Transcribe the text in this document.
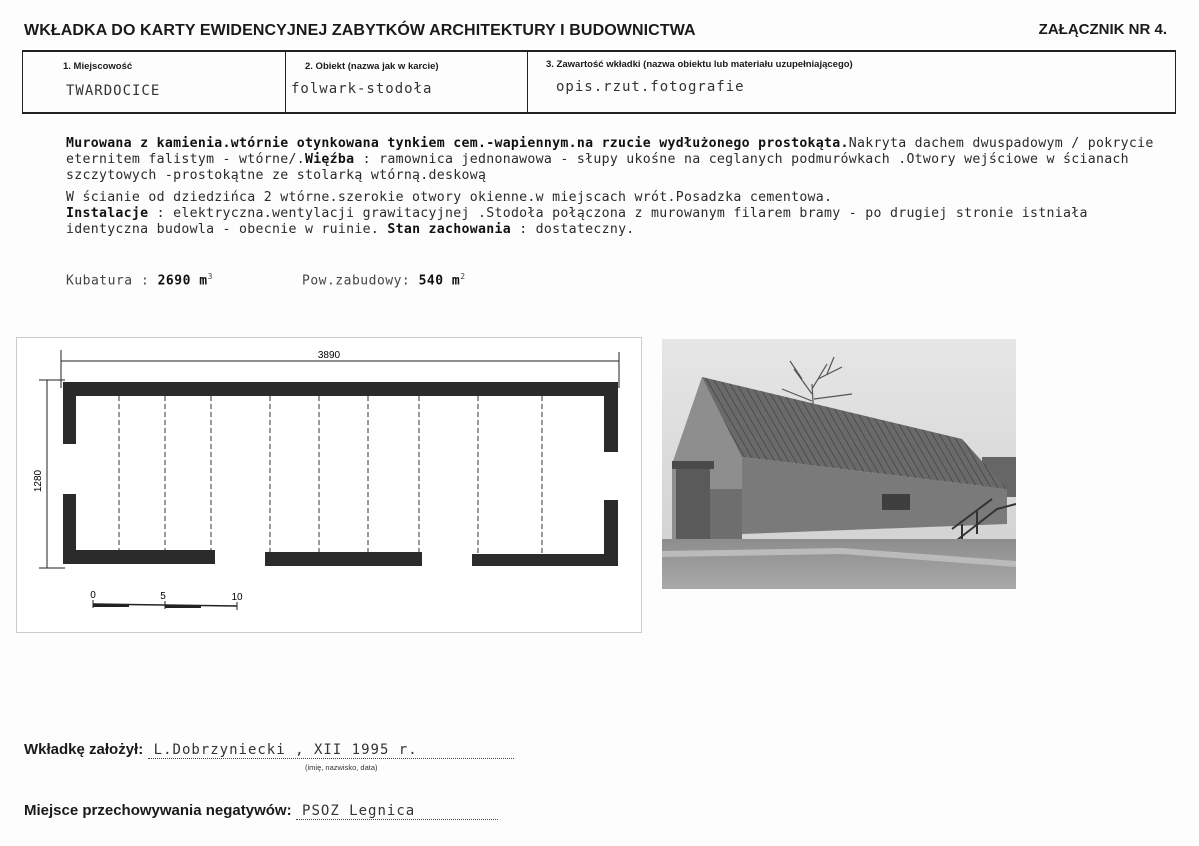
WKŁADKA DO KARTY EWIDENCYJNEJ ZABYTKÓW ARCHITEKTURY I BUDOWNICTWA	ZAŁĄCZNIK NR 4.
1. Miejscowość
TWARDOCICE
2. Obiekt (nazwa jak w karcie)
folwark-stodoła
3. Zawartość wkładki (nazwa obiektu lub materiału uzupełniającego)
opis.rzut.fotografie

Murowana z kamienia.wtórnie otynkowana tynkiem cem.-wapiennym.na rzucie wydłużonego prostokąta.Nakryta dachem dwuspadowym / pokrycie eternitem falistym - wtórne/.Więźba : ramownica jednonawowa - słupy ukośne na ceglanych podmurówkach .Otwory wejściowe w ścianach szczytowych -prostokątne ze stolarką wtórną.deskową

W ścianie od dziedzińca 2 wtórne.szerokie otwory okienne.w miejscach wrót.Posadzka cementowa.
Instalacje : elektryczna.wentylacji grawitacyjnej .Stodoła połączona z murowanym filarem bramy - po drugiej stronie istniała identyczna budowla - obecnie w ruinie. Stan zachowania : dostateczny.

Kubatura : 2690 $m^3$	Pow.zabudowy: 540 $m^2$
3890
1280
0	5	10
Wkładkę założył: L.Dobrzyniecki , XII 1995 r.
(imię, nazwisko, data)
Miejsce przechowywania negatywów: PSOZ Legnica
